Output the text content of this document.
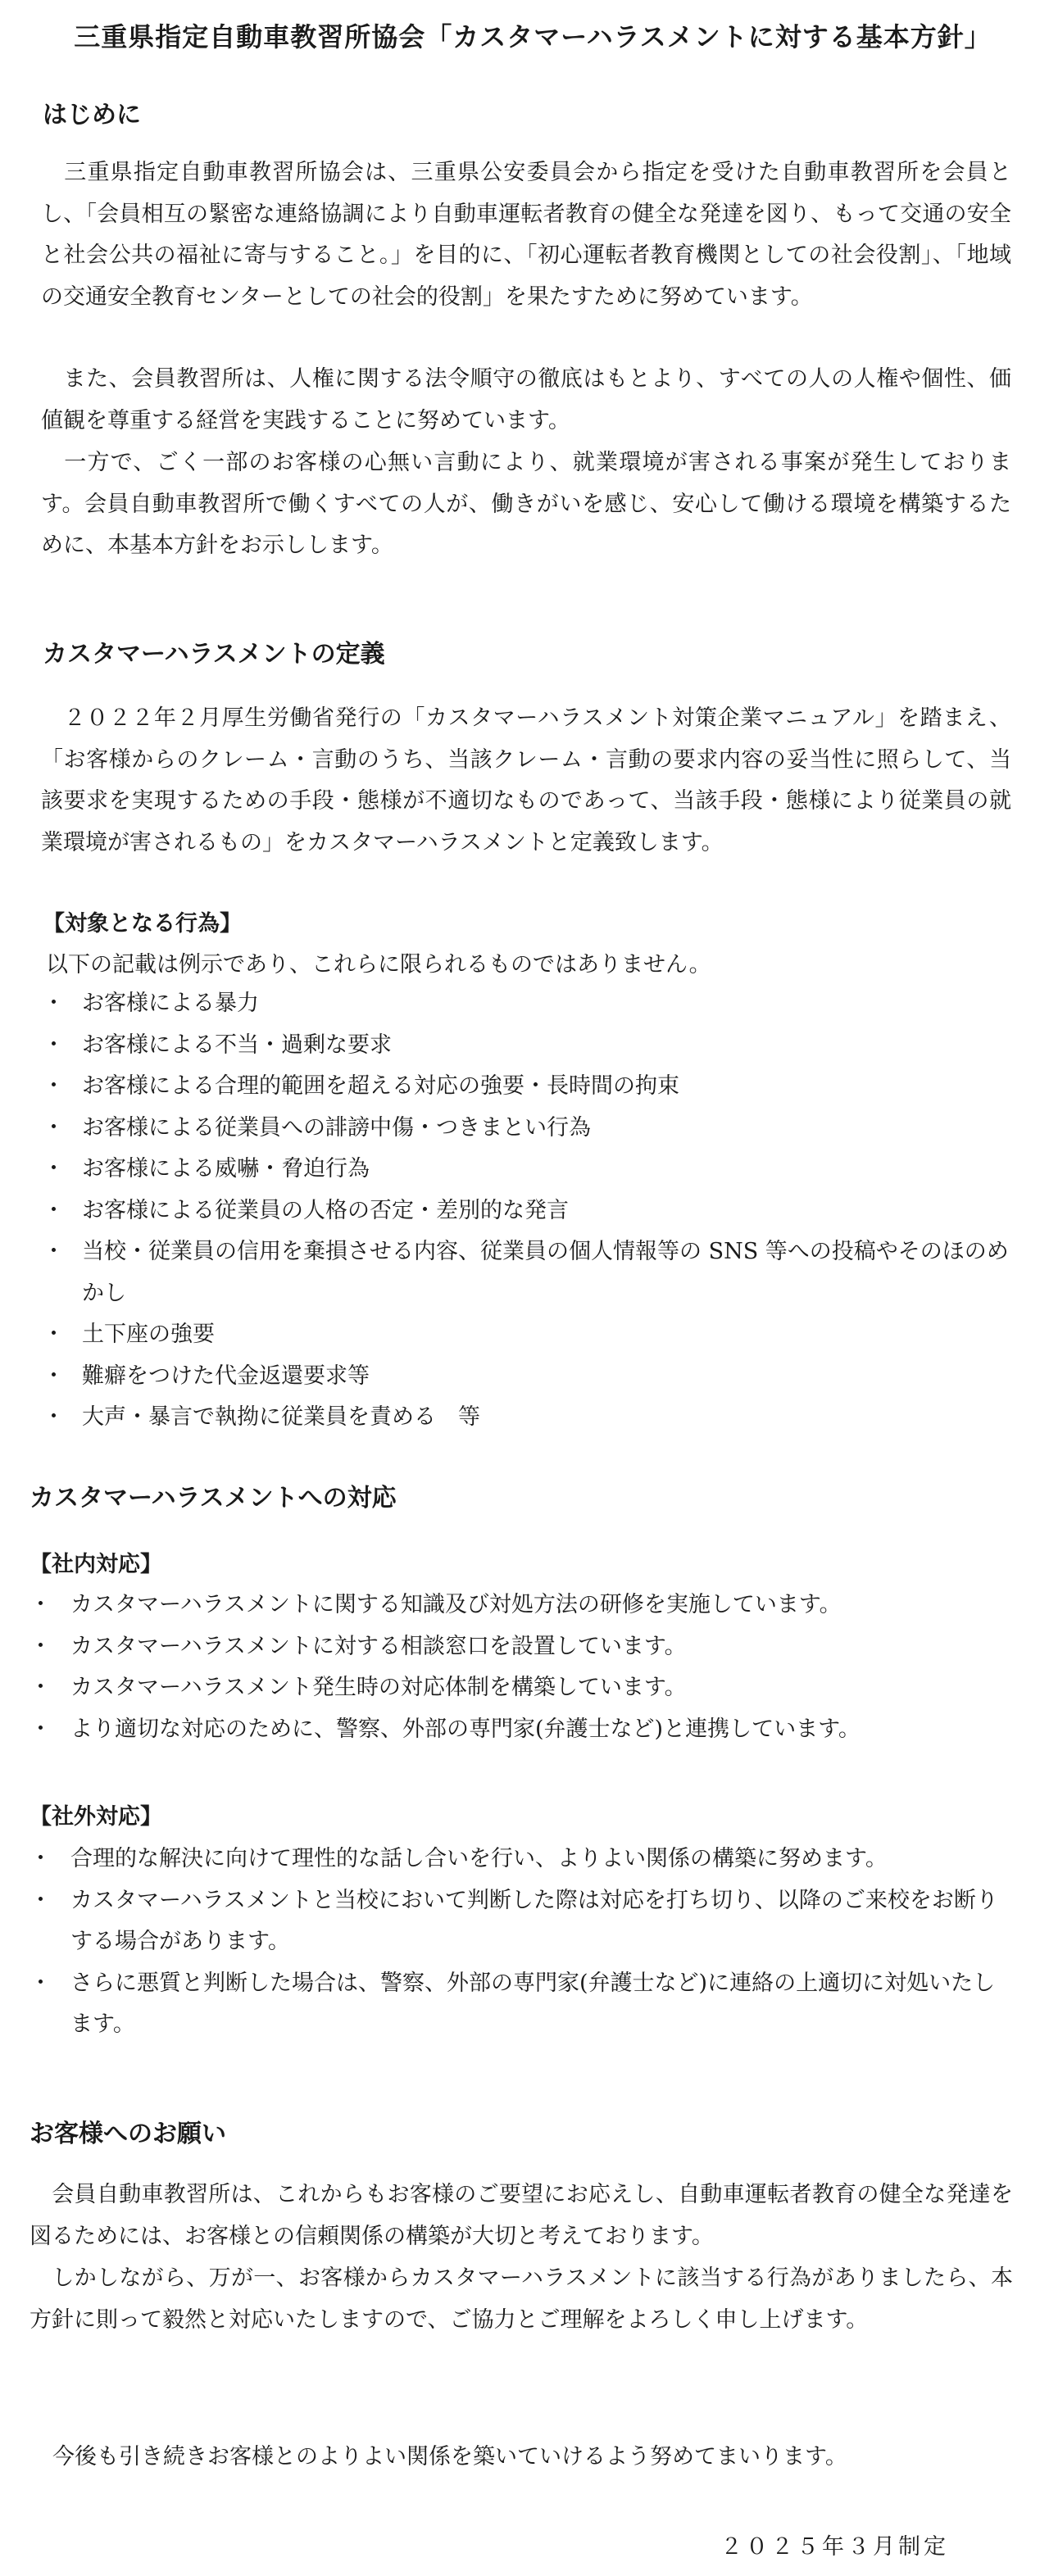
三重県指定自動車教習所協会「カスタマーハラスメントに対する基本方針」
はじめに

　三重県指定自動車教習所協会は、三重県公安委員会から指定を受けた自動車教習所を会員とし、「会員相互の緊密な連絡協調により自動車運転者教育の健全な発達を図り、もって交通の安全と社会公共の福祉に寄与すること。」を目的に、「初心運転者教育機関としての社会役割」、「地域の交通安全教育センターとしての社会的役割」を果たすために努めています。

　また、会員教習所は、人権に関する法令順守の徹底はもとより、すべての人の人権や個性、価値観を尊重する経営を実践することに努めています。

　一方で、ごく一部のお客様の心無い言動により、就業環境が害される事案が発生しております。会員自動車教習所で働くすべての人が、働きがいを感じ、安心して働ける環境を構築するために、本基本方針をお示しします。

カスタマーハラスメントの定義

　２０２２年２月厚生労働省発行の「カスタマーハラスメント対策企業マニュアル」を踏まえ、「お客様からのクレーム・言動のうち、当該クレーム・言動の要求内容の妥当性に照らして、当該要求を実現するための手段・態様が不適切なものであって、当該手段・態様により従業員の就業環境が害されるもの」をカスタマーハラスメントと定義致します。

【対象となる行為】
以下の記載は例示であり、これらに限られるものではありません。
・ お客様による暴力
・ お客様による不当・過剰な要求
・ お客様による合理的範囲を超える対応の強要・長時間の拘束
・ お客様による従業員への誹謗中傷・つきまとい行為
・ お客様による威嚇・脅迫行為
・ お客様による従業員の人格の否定・差別的な発言
・ 当校・従業員の信用を棄損させる内容、従業員の個人情報等の SNS 等への投稿やそのほのめかし
・ 土下座の強要
・ 難癖をつけた代金返還要求等
・ 大声・暴言で執拗に従業員を責める　等
カスタマーハラスメントへの対応
【社内対応】
・ カスタマーハラスメントに関する知識及び対処方法の研修を実施しています。
・ カスタマーハラスメントに対する相談窓口を設置しています。
・ カスタマーハラスメント発生時の対応体制を構築しています。
・ より適切な対応のために、警察、外部の専門家(弁護士など)と連携しています。
【社外対応】
・ 合理的な解決に向けて理性的な話し合いを行い、よりよい関係の構築に努めます。
・ カスタマーハラスメントと当校において判断した際は対応を打ち切り、以降のご来校をお断りする場合があります。
・ さらに悪質と判断した場合は、警察、外部の専門家(弁護士など)に連絡の上適切に対処いたします。
お客様へのお願い

　会員自動車教習所は、これからもお客様のご要望にお応えし、自動車運転者教育の健全な発達を図るためには、お客様との信頼関係の構築が大切と考えております。

　しかしながら、万が一、お客様からカスタマーハラスメントに該当する行為がありましたら、本方針に則って毅然と対応いたしますので、ご協力とご理解をよろしく申し上げます。

今後も引き続きお客様とのよりよい関係を築いていけるよう努めてまいります。
２０２５年３月制定
